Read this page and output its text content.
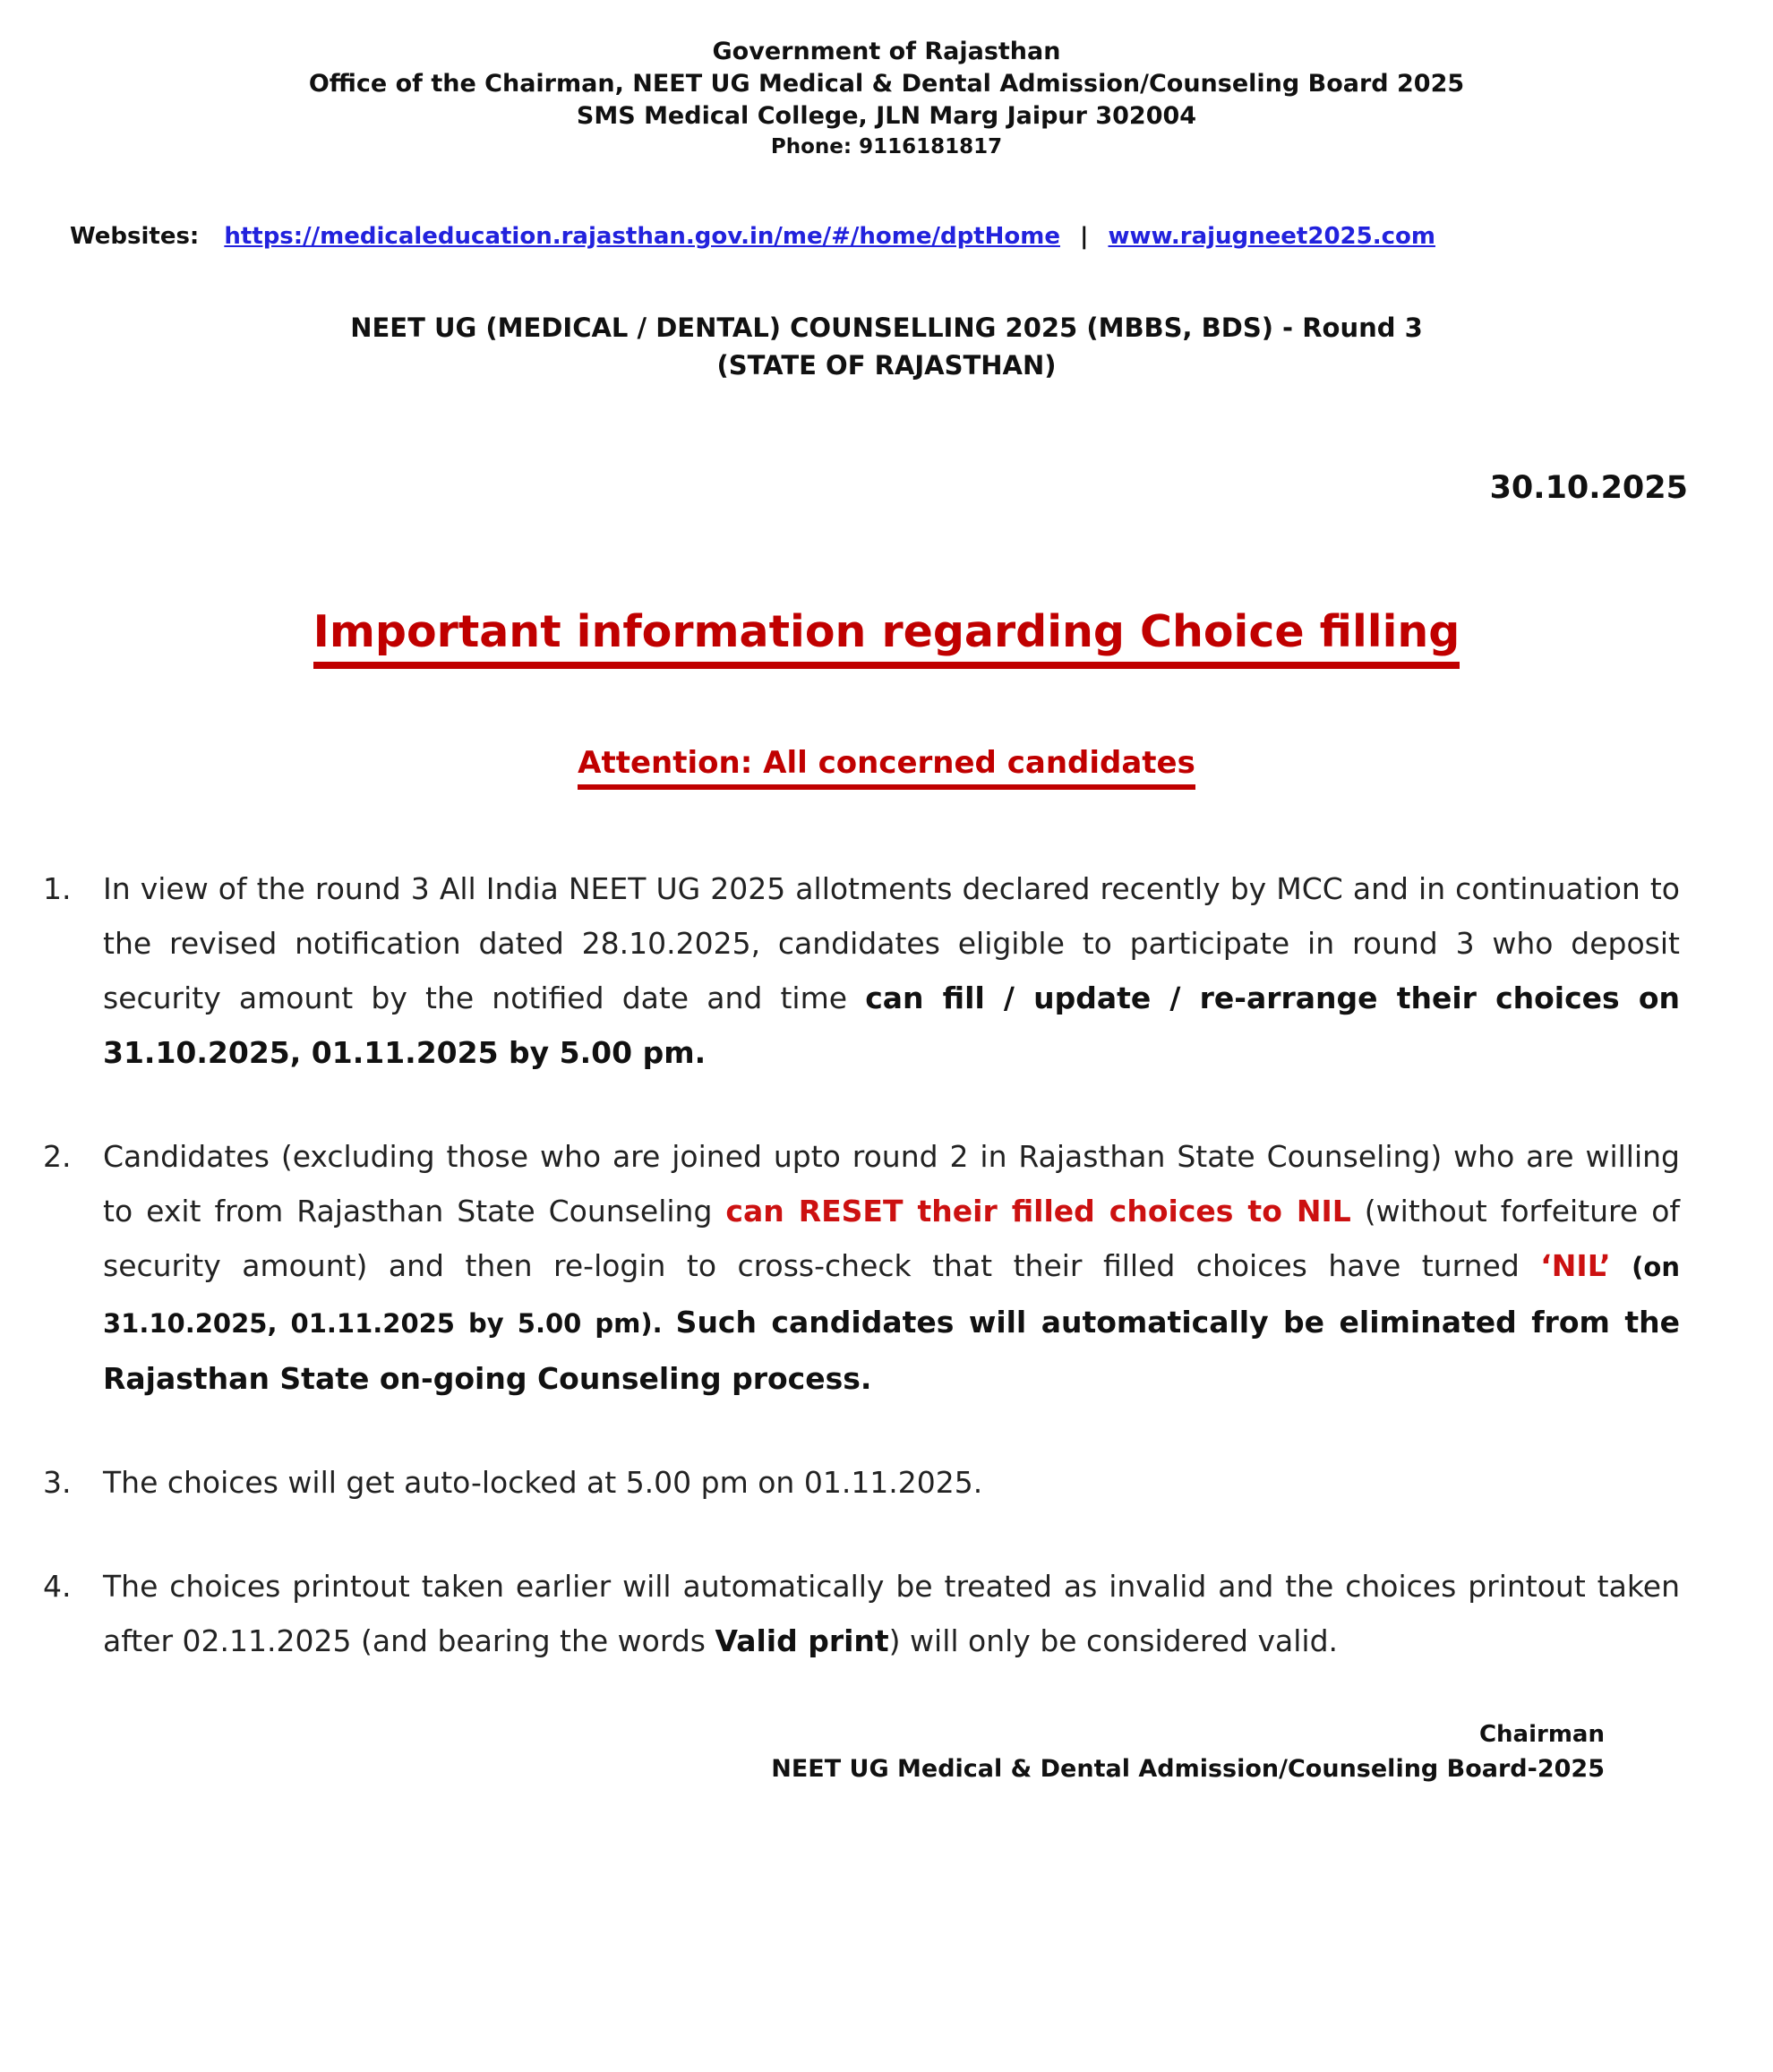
Government of Rajasthan
Office of the Chairman, NEET UG Medical & Dental Admission/Counseling Board 2025
SMS Medical College, JLN Marg Jaipur 302004
Phone: 9116181817
Websites: https://medicaleducation.rajasthan.gov.in/me/#/home/dptHome | www.rajugneet2025.com
NEET UG (MEDICAL / DENTAL) COUNSELLING 2025 (MBBS, BDS) - Round 3
(STATE OF RAJASTHAN)
30.10.2025
Important information regarding Choice filling
Attention: All concerned candidates
1. In view of the round 3 All India NEET UG 2025 allotments declared recently by MCC and in continuation to the revised notification dated 28.10.2025, candidates eligible to participate in round 3 who deposit security amount by the notified date and time can fill / update / re-arrange their choices on 31.10.2025, 01.11.2025 by 5.00 pm.
2. Candidates (excluding those who are joined upto round 2 in Rajasthan State Counseling) who are willing to exit from Rajasthan State Counseling can RESET their filled choices to NIL (without forfeiture of security amount) and then re-login to cross-check that their filled choices have turned ‘NIL’ (on 31.10.2025, 01.11.2025 by 5.00 pm). Such candidates will automatically be eliminated from the Rajasthan State on-going Counseling process.
3. The choices will get auto-locked at 5.00 pm on 01.11.2025.
4. The choices printout taken earlier will automatically be treated as invalid and the choices printout taken after 02.11.2025 (and bearing the words Valid print) will only be considered valid.
Chairman
NEET UG Medical & Dental Admission/Counseling Board-2025
